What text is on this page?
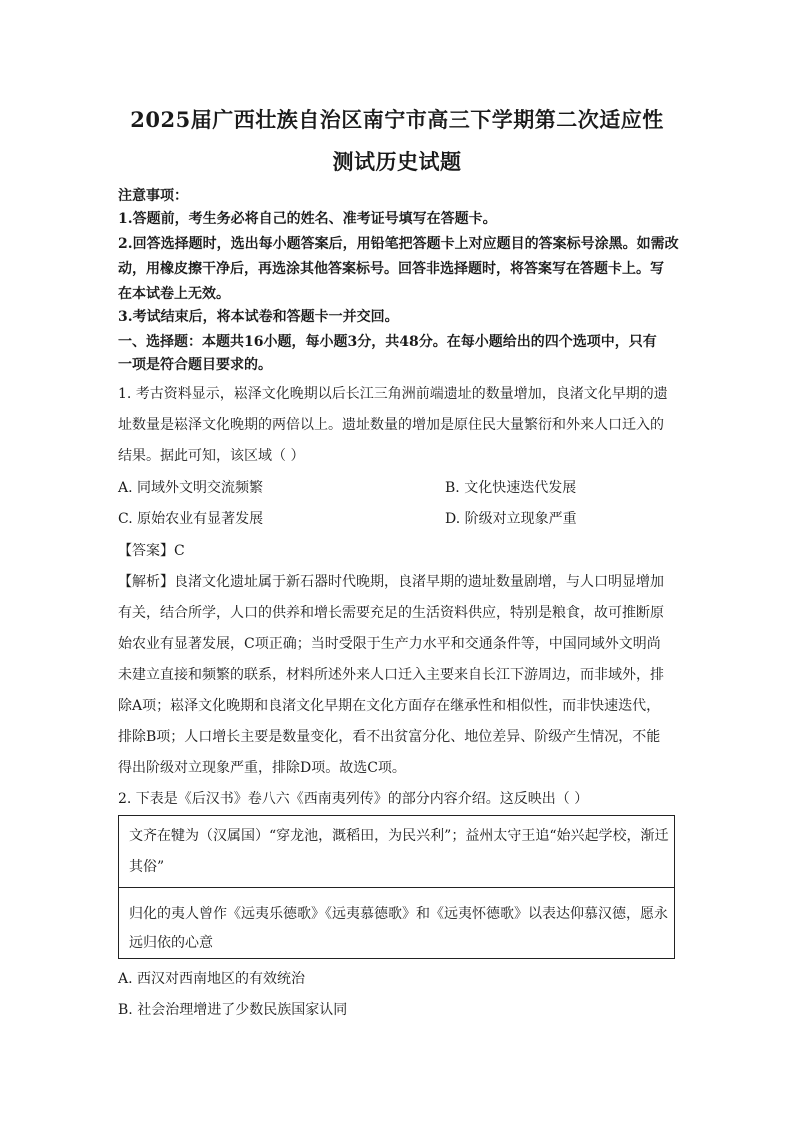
2025届广西壮族自治区南宁市高三下学期第二次适应性
测试历史试题
注意事项：
1.答题前，考生务必将自己的姓名、准考证号填写在答题卡。
2.回答选择题时，选出每小题答案后，用铅笔把答题卡上对应题目的答案标号涂黑。如需改
动，用橡皮擦干净后，再选涂其他答案标号。回答非选择题时，将答案写在答题卡上。写
在本试卷上无效。
3.考试结束后，将本试卷和答题卡一并交回。
一、选择题：本题共16小题，每小题3分，共48分。在每小题给出的四个选项中，只有
一项是符合题目要求的。
1. 考古资料显示，崧泽文化晚期以后长江三角洲前端遗址的数量增加，良渚文化早期的遗
址数量是崧泽文化晚期的两倍以上。遗址数量的增加是原住民大量繁衍和外来人口迁入的
结果。据此可知，该区域（ ）
A. 同域外文明交流频繁	B. 文化快速迭代发展
C. 原始农业有显著发展	D. 阶级对立现象严重
【答案】C
【解析】良渚文化遗址属于新石器时代晚期，良渚早期的遗址数量剧增，与人口明显增加
有关，结合所学，人口的供养和增长需要充足的生活资料供应，特别是粮食，故可推断原
始农业有显著发展，C项正确；当时受限于生产力水平和交通条件等，中国同域外文明尚
未建立直接和频繁的联系，材料所述外来人口迁入主要来自长江下游周边，而非域外，排
除A项；崧泽文化晚期和良渚文化早期在文化方面存在继承性和相似性，而非快速迭代，
排除B项；人口增长主要是数量变化，看不出贫富分化、地位差异、阶级产生情况，不能
得出阶级对立现象严重，排除D项。故选C项。
2. 下表是《后汉书》卷八六《西南夷列传》的部分内容介绍。这反映出（ ）
文齐在犍为（汉属国）“穿龙池，溉稻田，为民兴利”；益州太守王追“始兴起学校，渐迁
其俗”
归化的夷人曾作《远夷乐德歌》《远夷慕德歌》和《远夷怀德歌》以表达仰慕汉德，愿永
远归依的心意
A. 西汉对西南地区的有效统治
B. 社会治理增进了少数民族国家认同
